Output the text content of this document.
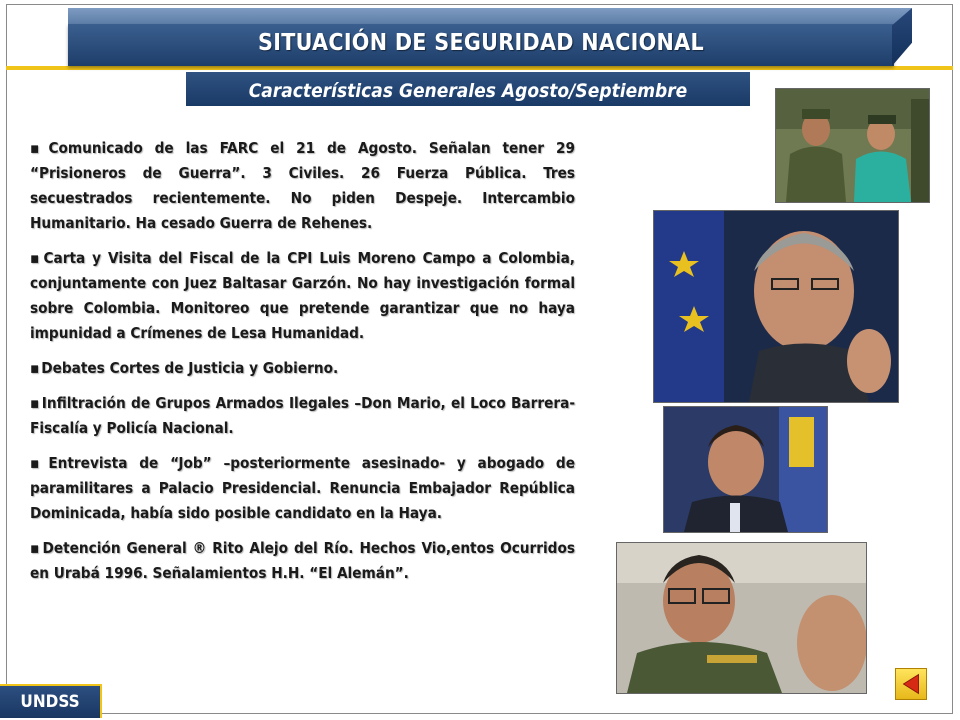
SITUACIÓN DE SEGURIDAD NACIONAL
Características Generales Agosto/Septiembre

▪ Comunicado de las FARC el 21 de Agosto. Señalan tener 29 “Prisioneros de Guerra”. 3 Civiles. 26 Fuerza Pública. Tres secuestrados recientemente. No piden Despeje. Intercambio Humanitario. Ha cesado Guerra de Rehenes.

▪ Carta y Visita del Fiscal de la CPI Luis Moreno Campo a Colombia, conjuntamente con Juez Baltasar Garzón. No hay investigación formal sobre Colombia. Monitoreo que pretende garantizar que no haya impunidad a Crímenes de Lesa Humanidad.

▪ Debates Cortes de Justicia y Gobierno.

▪ Infiltración de Grupos Armados Ilegales –Don Mario, el Loco Barrera- Fiscalía y Policía Nacional.

▪ Entrevista de “Job” –posteriormente asesinado- y abogado de paramilitares a Palacio Presidencial. Renuncia Embajador República Dominicada, había sido posible candidato en la Haya.

▪ Detención General ® Rito Alejo del Río. Hechos Vio,entos Ocurridos en Urabá 1996. Señalamientos H.H. “El Alemán”.

UNDSS
